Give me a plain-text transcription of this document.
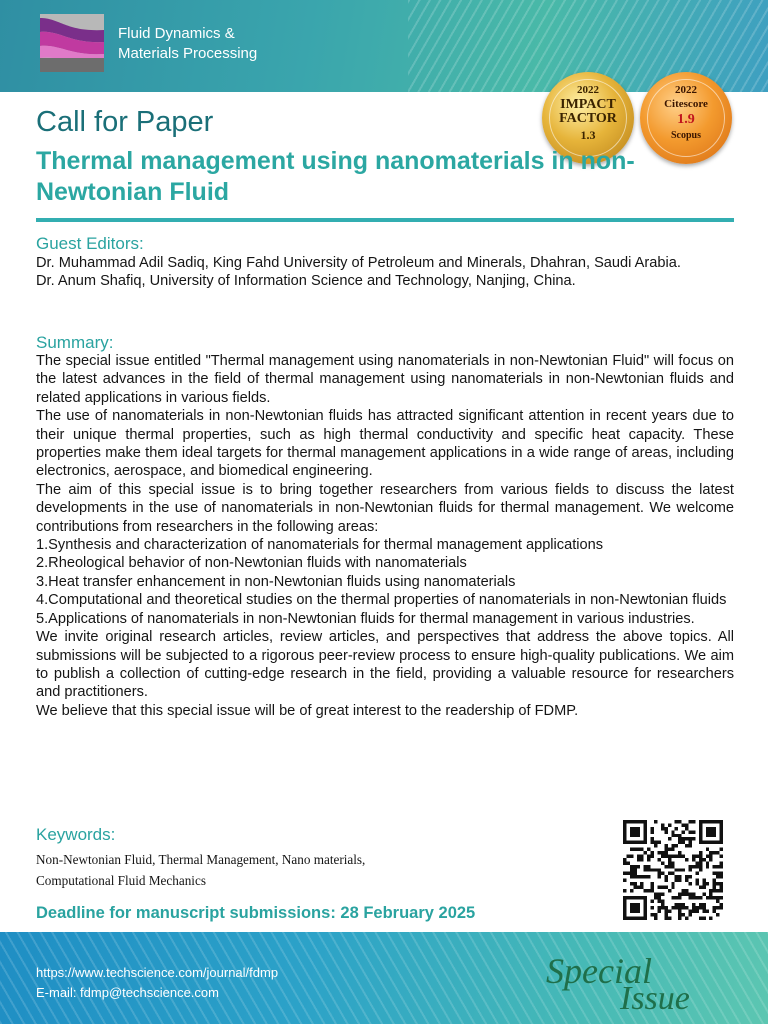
Fluid Dynamics &
Materials Processing
2022
IMPACT
FACTOR
1.3
2022
Citescore
1.9
Scopus
Call for Paper
Thermal management using nanomaterials in non-Newtonian Fluid
Guest Editors:

Dr. Muhammad Adil Sadiq, King Fahd University of Petroleum and Minerals, Dhahran, Saudi Arabia.

Dr. Anum Shafiq, University of Information Science and Technology, Nanjing, China.

Summary:

The special issue entitled "Thermal management using nanomaterials in non-Newtonian Fluid" will focus on the latest advances in the field of thermal management using nanomaterials in non-Newtonian fluids and related applications in various fields.

The use of nanomaterials in non-Newtonian fluids has attracted significant attention in recent years due to their unique thermal properties, such as high thermal conductivity and specific heat capacity. These properties make them ideal targets for thermal management applications in a wide range of areas, including electronics, aerospace, and biomedical engineering.

The aim of this special issue is to bring together researchers from various fields to discuss the latest developments in the use of nanomaterials in non-Newtonian fluids for thermal management. We welcome contributions from researchers in the following areas:

1.Synthesis and characterization of nanomaterials for thermal management applications

2.Rheological behavior of non-Newtonian fluids with nanomaterials

3.Heat transfer enhancement in non-Newtonian fluids using nanomaterials

4.Computational and theoretical studies on the thermal properties of nanomaterials in non-Newtonian fluids

5.Applications of nanomaterials in non-Newtonian fluids for thermal management in various industries.

We invite original research articles, review articles, and perspectives that address the above topics. All submissions will be subjected to a rigorous peer-review process to ensure high-quality publications. We aim to publish a collection of cutting-edge research in the field, providing a valuable resource for researchers and practitioners.

We believe that this special issue will be of great interest to the readership of FDMP.

Keywords:
Non-Newtonian Fluid, Thermal Management, Nano materials,
Computational Fluid Mechanics
Deadline for manuscript submissions: 28 February 2025
https://www.techscience.com/journal/fdmp
E-mail: fdmp@techscience.com
Special
Issue
